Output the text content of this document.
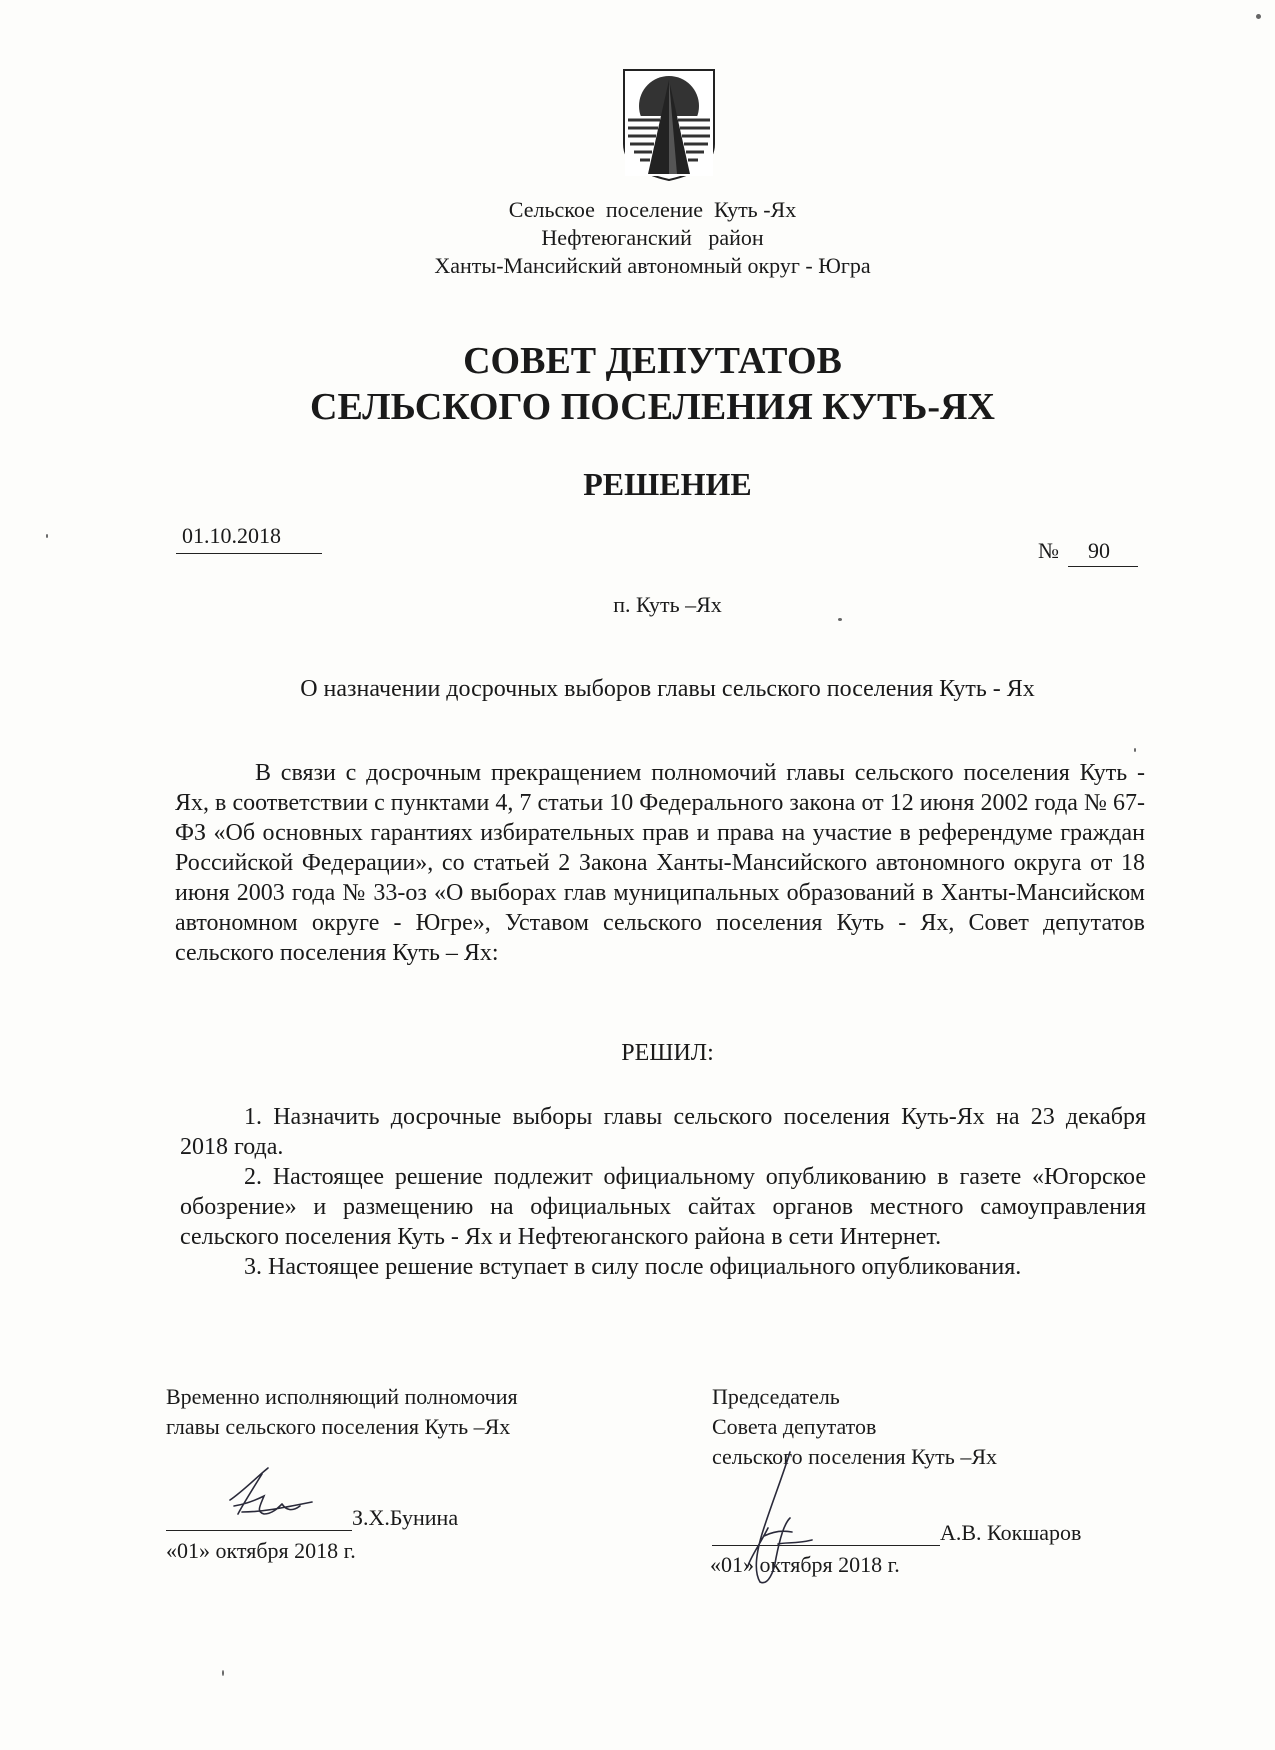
Сельское  поселение  Куть -Ях
Нефтеюганский   район
Ханты-Мансийский автономный округ - Югра
СОВЕТ ДЕПУТАТОВ
СЕЛЬСКОГО ПОСЕЛЕНИЯ КУТЬ-ЯХ
РЕШЕНИЕ
01.10.2018
№ 90
п. Куть –Ях
О назначении досрочных выборов главы сельского поселения Куть - Ях

В связи с досрочным прекращением полномочий главы сельского поселения Куть - Ях, в соответствии с пунктами 4, 7 статьи 10 Федерального закона от 12 июня 2002 года № 67-ФЗ «Об основных гарантиях избирательных прав и права на участие в референдуме граждан Российской Федерации», со статьей 2 Закона Ханты-Мансийского автономного округа от 18 июня 2003 года № 33-оз «О выборах глав муниципальных образований в Ханты-Мансийском автономном округе - Югре», Уставом сельского поселения Куть - Ях, Совет депутатов сельского поселения Куть – Ях:

РЕШИЛ:

1. Назначить досрочные выборы главы сельского поселения Куть-Ях на 23 декабря 2018 года.

2. Настоящее решение подлежит официальному опубликованию в газете «Югорское обозрение» и размещению на официальных сайтах органов местного самоуправления сельского поселения Куть - Ях и Нефтеюганского района в сети Интернет.

3. Настоящее решение вступает в силу после официального опубликования.

Временно исполняющий полномочия
главы сельского поселения Куть –Ях
З.Х.Бунина
«01» октября 2018 г.
Председатель
Совета депутатов
сельского поселения Куть –Ях
А.В. Кокшаров
«01» октября 2018 г.
